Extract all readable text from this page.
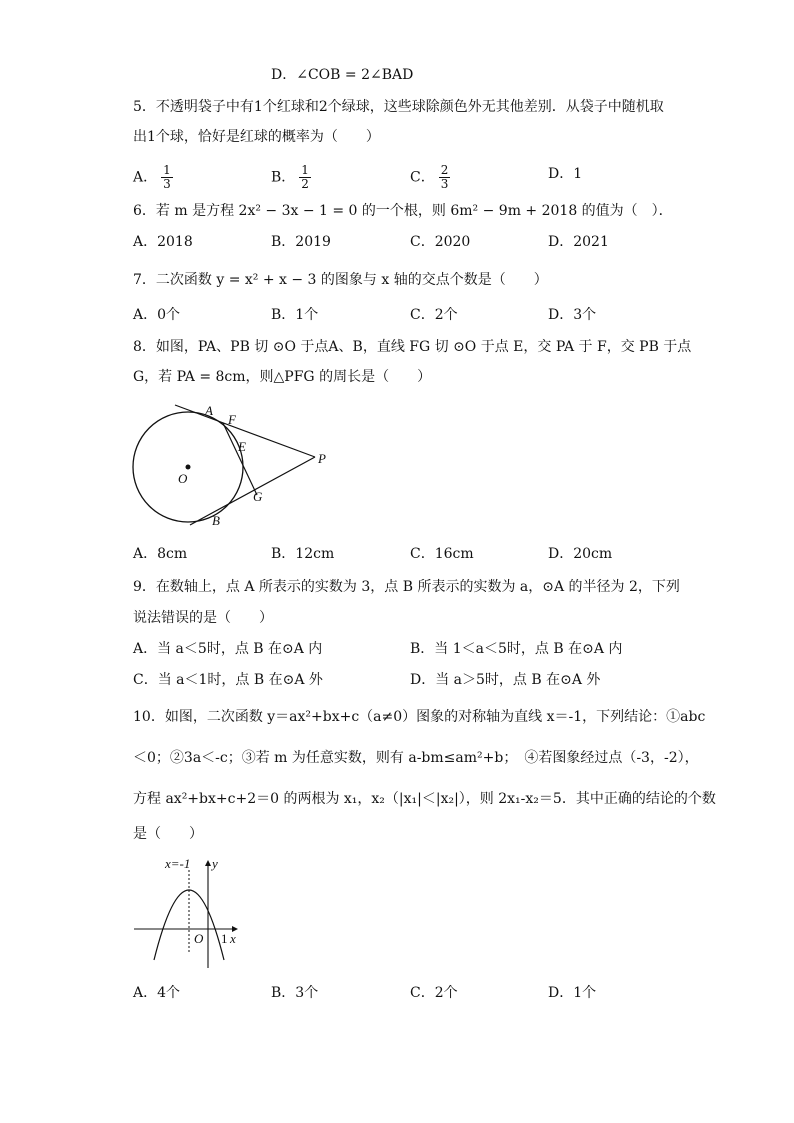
D．∠COB = 2∠BAD
5．不透明袋子中有1个红球和2个绿球，这些球除颜色外无其他差别．从袋子中随机取
出1个球，恰好是红球的概率为（　　）
A． $\frac{1}{3}$	B． $\frac{1}{2}$	C． $\frac{2}{3}$	D．1
6．若 m 是方程 2x² − 3x − 1 = 0 的一个根，则 6m² − 9m + 2018 的值为（　）．
A．2018	B．2019	C．2020	D．2021
7．二次函数 y = x² + x − 3 的图象与 x 轴的交点个数是（　　）
A．0个	B．1个	C．2个	D．3个
8．如图，PA、PB 切 ⊙O 于点A、B，直线 FG 切 ⊙O 于点 E，交 PA 于 F，交 PB 于点
G，若 PA = 8cm，则△PFG 的周长是（　　）
A
F
E
P
O
G
B
A．8cm	B．12cm	C．16cm	D．20cm
9．在数轴上，点 A 所表示的实数为 3，点 B 所表示的实数为 a，⊙A 的半径为 2，下列
说法错误的是（　　）
A．当 a＜5时，点 B 在⊙A 内	B．当 1＜a＜5时，点 B 在⊙A 内
C．当 a＜1时，点 B 在⊙A 外	D．当 a＞5时，点 B 在⊙A 外
10．如图，二次函数 y＝ax²+bx+c（a≠0）图象的对称轴为直线 x＝-1，下列结论：①abc
＜0；②3a＜-c；③若 m 为任意实数，则有 a-bm≤am²+b；　④若图象经过点（-3，-2），
方程 ax²+bx+c+2＝0 的两根为 x₁，x₂（|x₁|＜|x₂|），则 2x₁-x₂＝5．其中正确的结论的个数
是（　　）
x=-1 y
x
O 1
A．4个	B．3个	C．2个	D．1个
